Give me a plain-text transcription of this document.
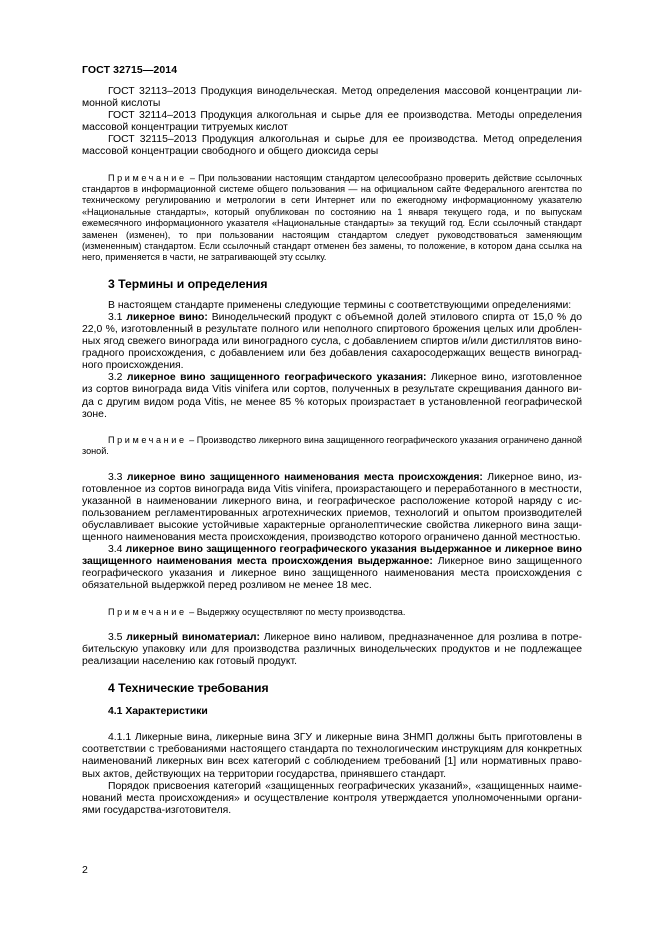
ГОСТ 32715—2014

ГОСТ 32113–2013 Продукция винодельческая. Метод определения массовой концентрации лимонной кислоты

ГОСТ 32114–2013 Продукция алкогольная и сырье для ее производства. Методы определения массовой концентрации титруемых кислот

ГОСТ 32115–2013 Продукция алкогольная и сырье для ее производства. Метод определения массовой концентрации свободного и общего диоксида серы

Примечание – При пользовании настоящим стандартом целесообразно проверить действие ссылочных стандартов в информационной системе общего пользования — на официальном сайте Федерального агентства по техническому регулированию и метрологии в сети Интернет или по ежегодному информационному указателю «Национальные стандарты», который опубликован по состоянию на 1 января текущего года, и по выпускам ежемесячного информационного указателя «Национальные стандарты» за текущий год. Если ссылочный стандарт заменен (изменен), то при пользовании настоящим стандартом следует руководствоваться заменяющим (измененным) стандартом. Если ссылочный стандарт отменен без замены, то положение, в котором дана ссылка на него, применяется в части, не затрагивающей эту ссылку.

3 Термины и определения

В настоящем стандарте применены следующие термины с соответствующими определениями:

3.1 ликерное вино: Винодельческий продукт с объемной долей этилового спирта от 15,0 % до 22,0 %, изготовленный в результате полного или неполного спиртового брожения целых или дробленных ягод свежего винограда или виноградного сусла, с добавлением спиртов и/или дистиллятов виноградного происхождения, с добавлением или без добавления сахаросодержащих веществ виноградного происхождения.

3.2 ликерное вино защищенного географического указания: Ликерное вино, изготовленное из сортов винограда вида Vitis vinifera или сортов, полученных в результате скрещивания данного вида с другим видом рода Vitis, не менее 85 % которых произрастает в установленной географической зоне.

Примечание – Производство ликерного вина защищенного географического указания ограничено данной зоной.

3.3 ликерное вино защищенного наименования места происхождения: Ликерное вино, изготовленное из сортов винограда вида Vitis vinifera, произрастающего и переработанного в местности, указанной в наименовании ликерного вина, и географическое расположение которой наряду с использованием регламентированных агротехнических приемов, технологий и опытом производителей обуславливает высокие устойчивые характерные органолептические свойства ликерного вина защищенного наименования места происхождения, производство которого ограничено данной местностью.

3.4 ликерное вино защищенного географического указания выдержанное и ликерное вино защищенного наименования места происхождения выдержанное: Ликерное вино защищенного географического указания и ликерное вино защищенного наименования места происхождения с обязательной выдержкой перед розливом не менее 18 мес.

Примечание – Выдержку осуществляют по месту производства.

3.5 ликерный виноматериал: Ликерное вино наливом, предназначенное для розлива в потребительскую упаковку или для производства различных винодельческих продуктов и не подлежащее реализации населению как готовый продукт.

4 Технические требования

4.1 Характеристики

4.1.1 Ликерные вина, ликерные вина ЗГУ и ликерные вина ЗНМП должны быть приготовлены в соответствии с требованиями настоящего стандарта по технологическим инструкциям для конкретных наименований ликерных вин всех категорий с соблюдением требований [1] или нормативных правовых актов, действующих на территории государства, принявшего стандарт.

Порядок присвоения категорий «защищенных географических указаний», «защищенных наименований места происхождения» и осуществление контроля утверждается уполномоченными органиями государства-изготовителя.

2
